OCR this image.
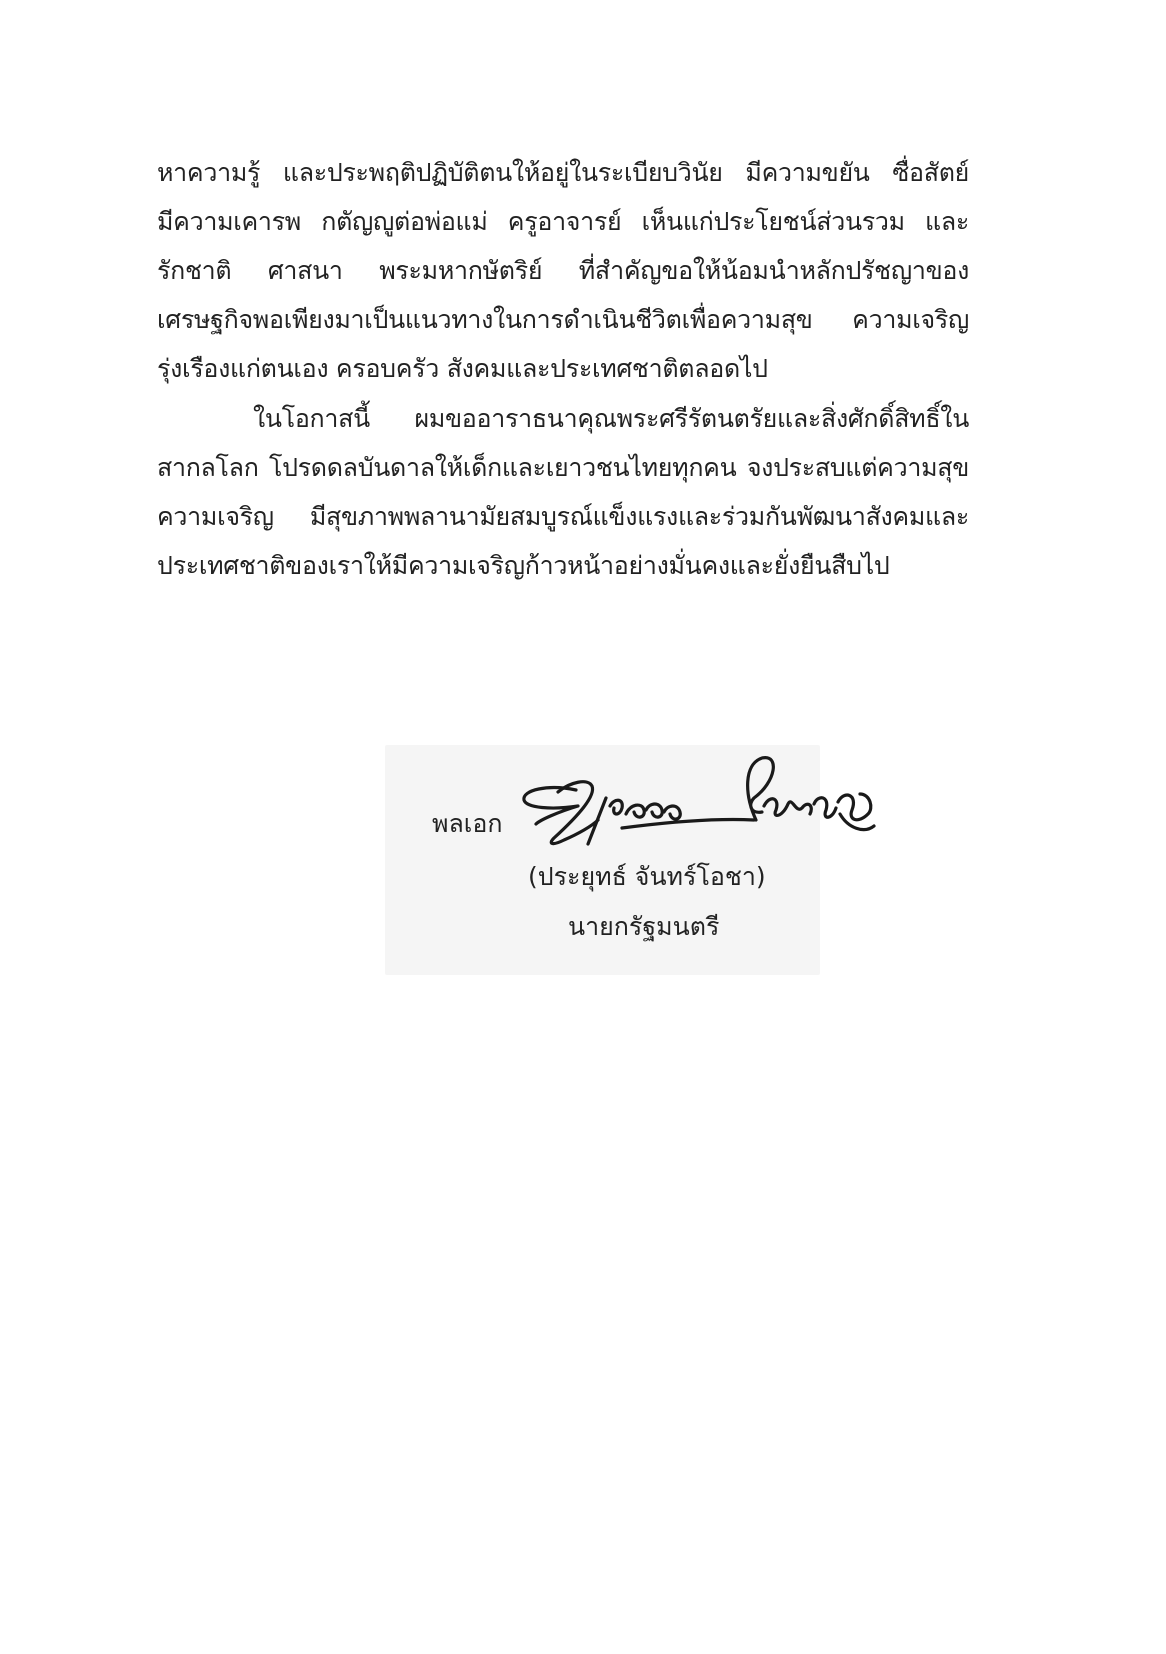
หาความรู้ และประพฤติปฏิบัติตนให้อยู่ในระเบียบวินัย มีความขยัน ซื่อสัตย์

มีความเคารพ กตัญญูต่อพ่อแม่ ครูอาจารย์ เห็นแก่ประโยชน์ส่วนรวม และ

รักชาติ ศาสนา พระมหากษัตริย์ ที่สำคัญขอให้น้อมนำหลักปรัชญาของ

เศรษฐกิจพอเพียงมาเป็นแนวทางในการดำเนินชีวิตเพื่อความสุข ความเจริญ

รุ่งเรืองแก่ตนเอง ครอบครัว สังคมและประเทศชาติตลอดไป

ในโอกาสนี้ ผมขออาราธนาคุณพระศรีรัตนตรัยและสิ่งศักดิ์สิทธิ์ใน

สากลโลก โปรดดลบันดาลให้เด็กและเยาวชนไทยทุกคน จงประสบแต่ความสุข

ความเจริญ มีสุขภาพพลานามัยสมบูรณ์แข็งแรงและร่วมกันพัฒนาสังคมและ

ประเทศชาติของเราให้มีความเจริญก้าวหน้าอย่างมั่นคงและยั่งยืนสืบไป

พลเอก
(ประยุทธ์ จันทร์โอชา)
นายกรัฐมนตรี
